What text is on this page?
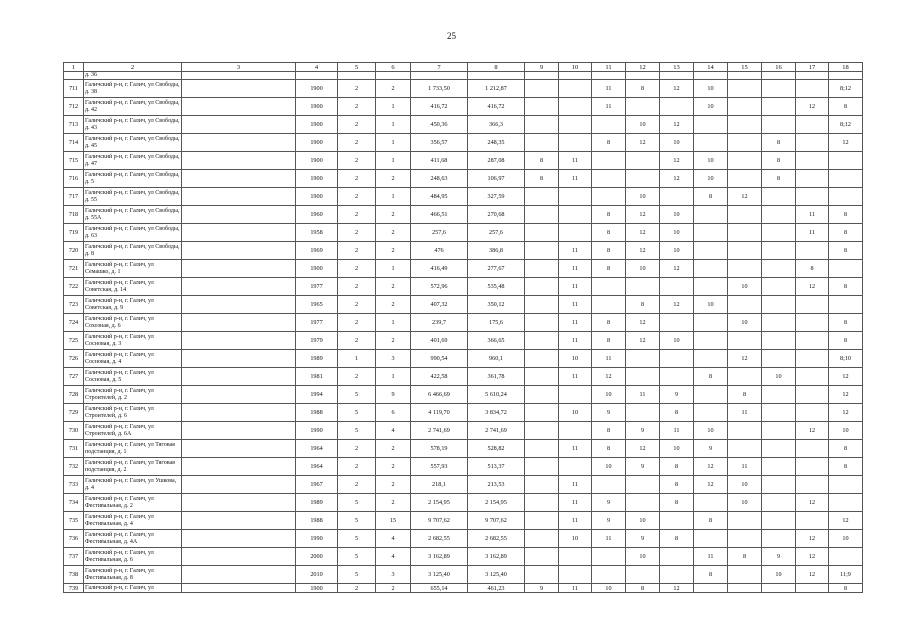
25
1	2	3	4	5	6	7	8	9	10	11	12	13	14	15	16	17	18
	д. 36																
711	Галичский р-н, г. Галич, ул Свободы, д. 38		1900	2	2	1 733,50	1 212,87			11	8	12	10				8;12
712	Галичский р-н, г. Галич, ул Свободы, д. 42		1900	2	1	416,72	416,72			11			10			12	8
713	Галичский р-н, г. Галич, ул Свободы, д. 43		1900	2	1	450,36	366,3				10	12					8;12
714	Галичский р-н, г. Галич, ул Свободы, д. 45		1900	2	1	356,57	248,35			8	12	10			8		12
715	Галичский р-н, г. Галич, ул Свободы, д. 47		1900	2	1	411,68	287,08	8	11			12	10		8		
716	Галичский р-н, г. Галич, ул Свободы, д. 5		1900	2	2	248,63	106,97	8	11			12	10		8		
717	Галичский р-н, г. Галич, ул Свободы, д. 55		1900	2	1	484,95	327,59				10		8	12			
718	Галичский р-н, г. Галич, ул Свободы, д. 55А		1960	2	2	466,51	270,68			8	12	10				11	8
719	Галичский р-н, г. Галич, ул Свободы, д. 63		1958	2	2	257,6	257,6			8	12	10				11	8
720	Галичский р-н, г. Галич, ул Свободы, д. 8		1969	2	2	476	386,8		11	8	12	10					8
721	Галичский р-н, г. Галич, ул Семашко, д. 1		1900	2	1	416,49	277,67		11	8	10	12				8	
722	Галичский р-н, г. Галич, ул Советская, д. 14		1977	2	2	572,96	535,48		11					10		12	8
723	Галичский р-н, г. Галич, ул Советская, д. 9		1965	2	2	407,32	350,12		11		8	12	10				
724	Галичский р-н, г. Галич, ул Сохозная, д. 6		1977	2	1	239,7	175,6		11	8	12			10			8
725	Галичский р-н, г. Галич, ул Сосновая, д. 3		1979	2	2	401,69	366,65		11	8	12	10					8
726	Галичский р-н, г. Галич, ул Сосновая, д. 4		1989	1	3	990,54	960,1		10	11				12			8;10
727	Галичский р-н, г. Галич, ул Сосновая, д. 5		1981	2	1	422,58	361,78		11	12			8		10		12
728	Галичский р-н, г. Галич, ул Строителей, д. 2		1994	5	9	6 466,69	5 610,24			10	11	9		8			12
729	Галичский р-н, г. Галич, ул Строителей, д. 6		1988	5	6	4 119,70	3 834,72		10	9		8		11			12
730	Галичский р-н, г. Галич, ул Строителей, д. 6А		1990	5	4	2 741,69	2 741,69			8	9	11	10			12	10
731	Галичский р-н, г. Галич, ул Тяговая подстанция, д. 1		1964	2	2	578,19	528,82		11	8	12	10	9				8
732	Галичский р-н, г. Галич, ул Тяговая подстанция, д. 2		1964	2	2	557,93	513,37			10	9	8	12	11			8
733	Галичский р-н, г. Галич, ул Ушкова, д. 4		1967	2	2	218,1	213,53		11			8	12	10			
734	Галичский р-н, г. Галич, ул Фестивальная, д. 2		1989	5	2	2 154,95	2 154,95		11	9		8		10		12	
735	Галичский р-н, г. Галич, ул Фестивальная, д. 4		1988	5	15	9 707,62	9 707,62		11	9	10		8				12
736	Галичский р-н, г. Галич, ул Фестивальная, д. 4А		1990	5	4	2 682,55	2 682,55		10	11	9	8				12	10
737	Галичский р-н, г. Галич, ул Фестивальная, д. 6		2000	5	4	3 162,89	3 162,89				10		11	8	9	12	
738	Галичский р-н, г. Галич, ул Фестивальная, д. 8		2010	5	3	3 125,40	3 125,40						8		10	12	11;9
739	Галичский р-н, г. Галич, ул		1900	2	2	655,14	461,23	9	11	10	8	12					8
